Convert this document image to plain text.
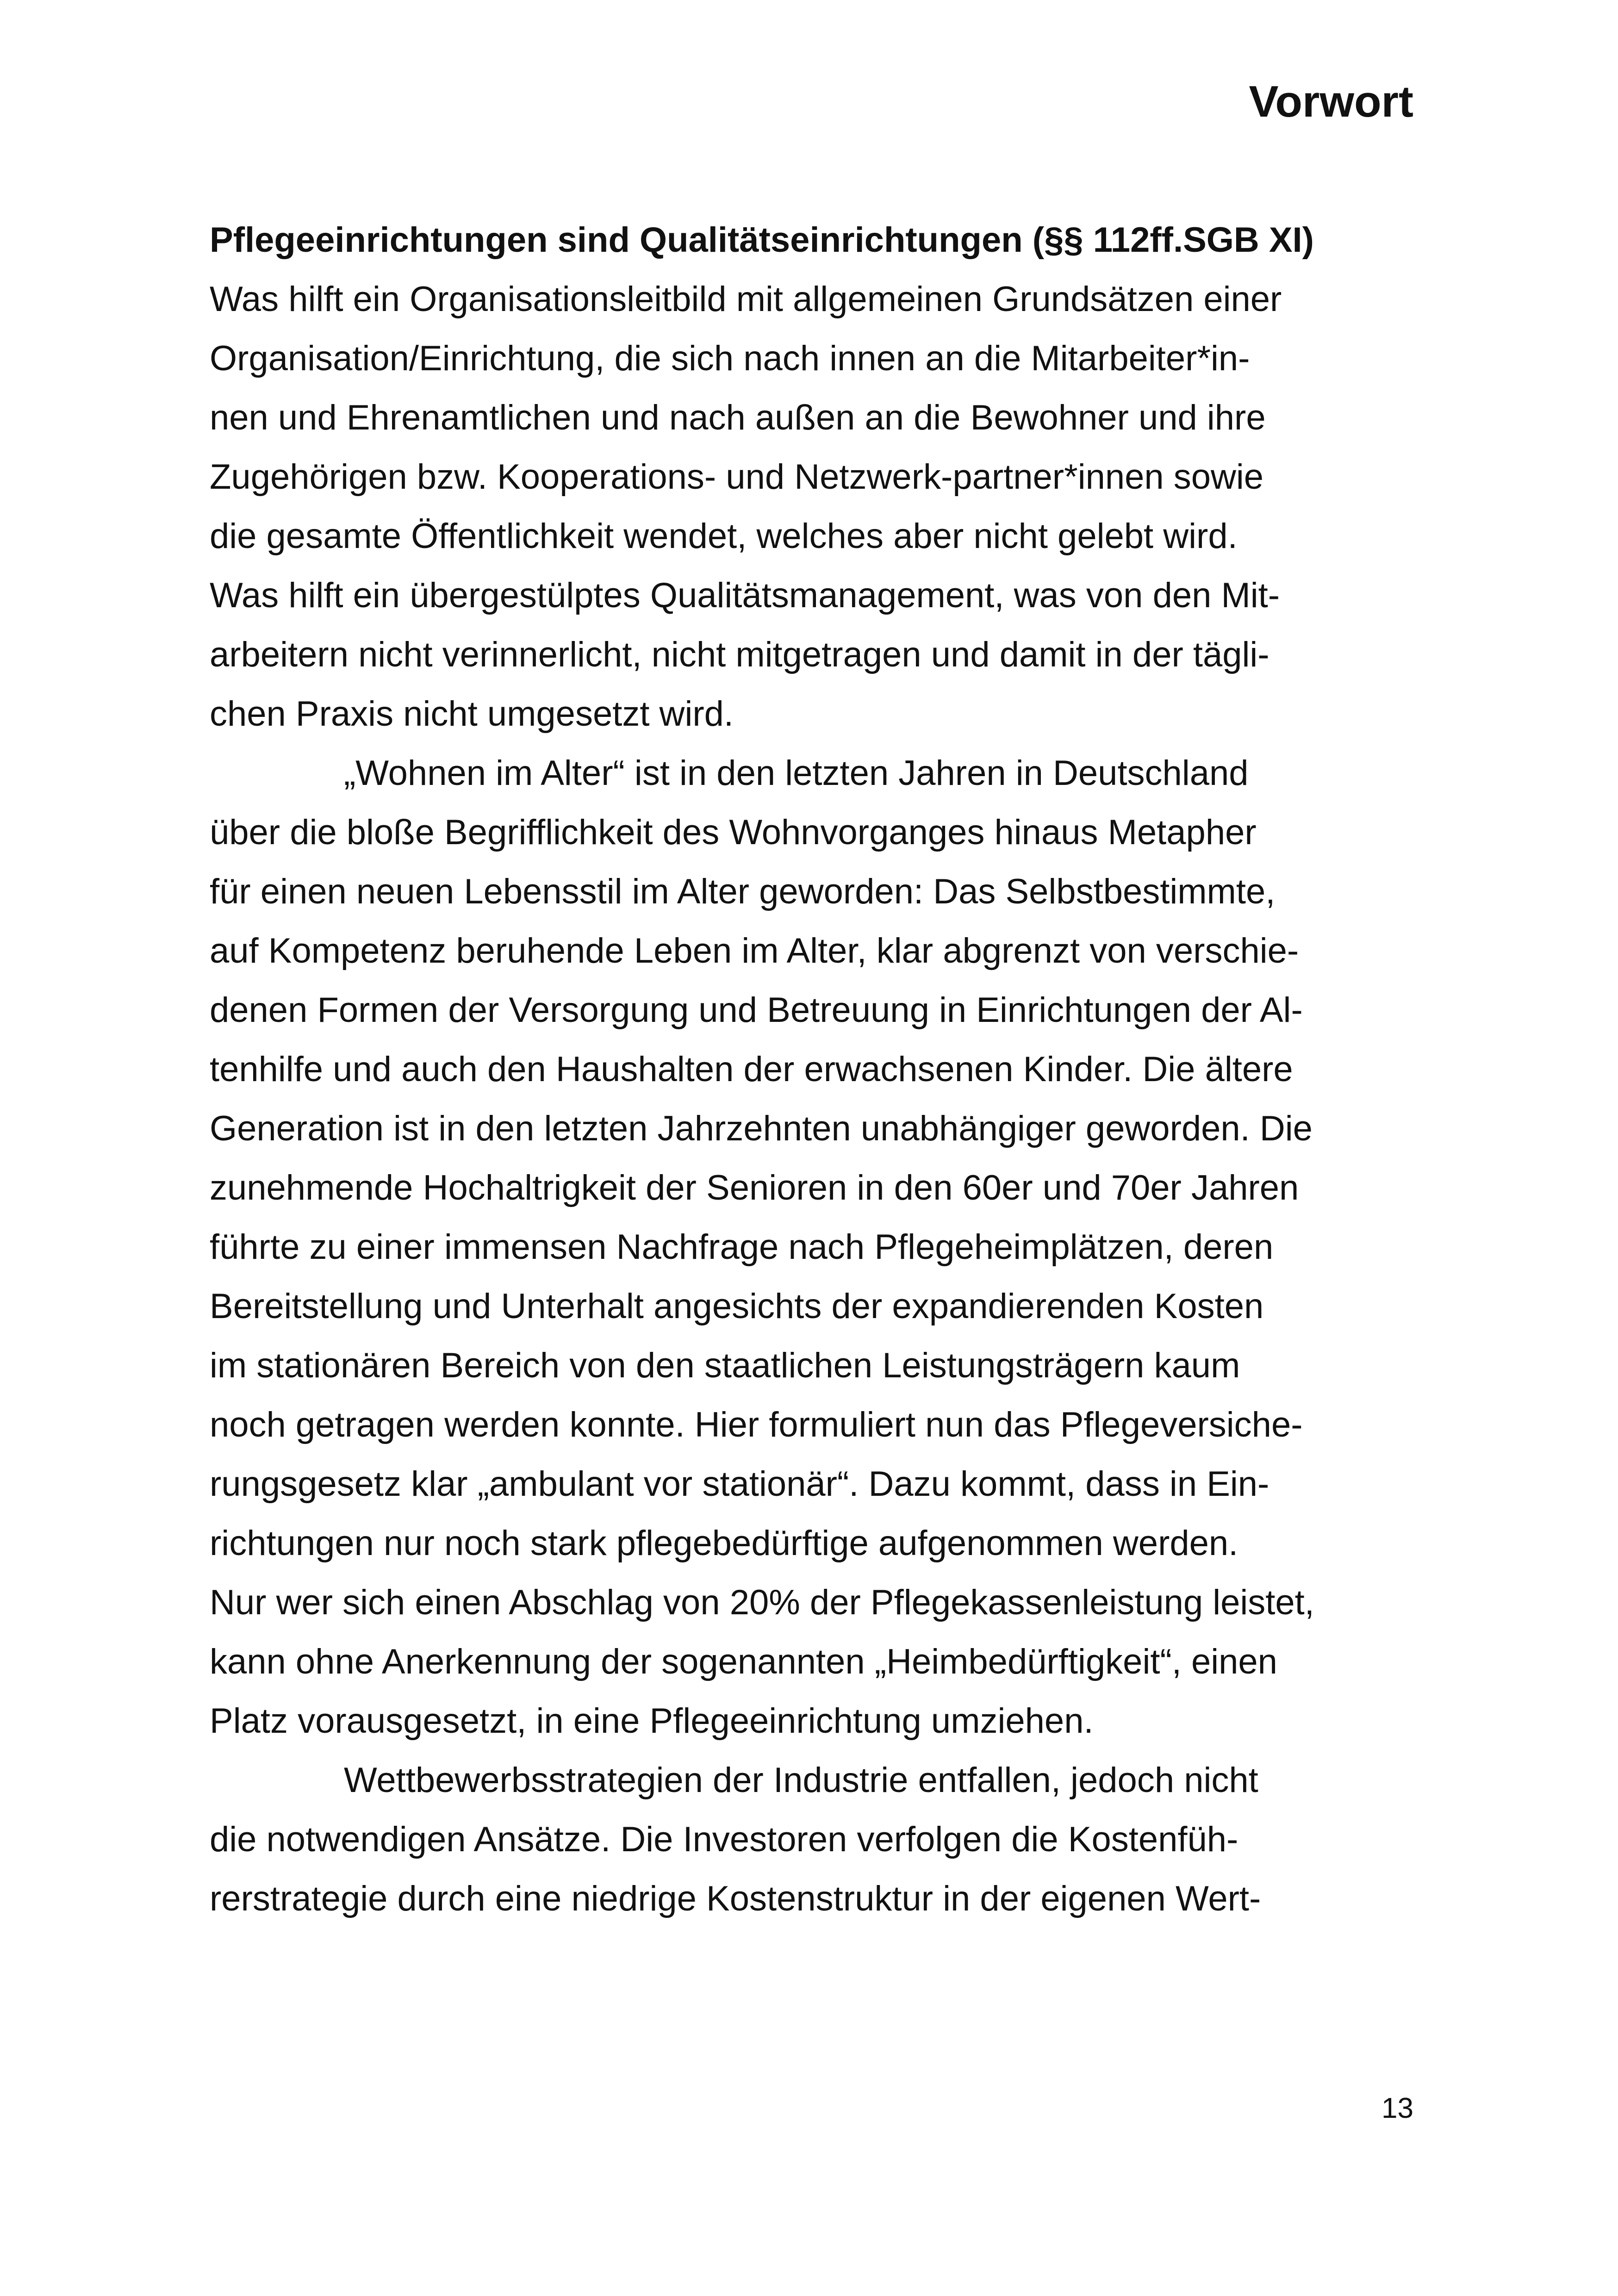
Vorwort
Pflegeeinrichtungen sind Qualitätseinrichtungen (§§ 112ff.SGB XI)
Was hilft ein Organisationsleitbild mit allgemeinen Grundsätzen einer
Organisation/Einrichtung, die sich nach innen an die Mitarbeiter*in-
nen und Ehrenamtlichen und nach außen an die Bewohner und ihre
Zugehörigen bzw. Kooperations- und Netzwerk-partner*innen sowie
die gesamte Öffentlichkeit wendet, welches aber nicht gelebt wird.
Was hilft ein übergestülptes Qualitätsmanagement, was von den Mit-
arbeitern nicht verinnerlicht, nicht mitgetragen und damit in der tägli-
chen Praxis nicht umgesetzt wird.
„Wohnen im Alter“ ist in den letzten Jahren in Deutschland
über die bloße Begrifflichkeit des Wohnvorganges hinaus Metapher
für einen neuen Lebensstil im Alter geworden: Das Selbstbestimmte,
auf Kompetenz beruhende Leben im Alter, klar abgrenzt von verschie-
denen Formen der Versorgung und Betreuung in Einrichtungen der Al-
tenhilfe und auch den Haushalten der erwachsenen Kinder. Die ältere
Generation ist in den letzten Jahrzehnten unabhängiger geworden. Die
zunehmende Hochaltrigkeit der Senioren in den 60er und 70er Jahren
führte zu einer immensen Nachfrage nach Pflegeheimplätzen, deren
Bereitstellung und Unterhalt angesichts der expandierenden Kosten
im stationären Bereich von den staatlichen Leistungsträgern kaum
noch getragen werden konnte. Hier formuliert nun das Pflegeversiche-
rungsgesetz klar „ambulant vor stationär“. Dazu kommt, dass in Ein-
richtungen nur noch stark pflegebedürftige aufgenommen werden.
Nur wer sich einen Abschlag von 20% der Pflegekassenleistung leistet,
kann ohne Anerkennung der sogenannten „Heimbedürftigkeit“, einen
Platz vorausgesetzt, in eine Pflegeeinrichtung umziehen.
Wettbewerbsstrategien der Industrie entfallen, jedoch nicht
die notwendigen Ansätze. Die Investoren verfolgen die Kostenfüh-
rerstrategie durch eine niedrige Kostenstruktur in der eigenen Wert-
13
